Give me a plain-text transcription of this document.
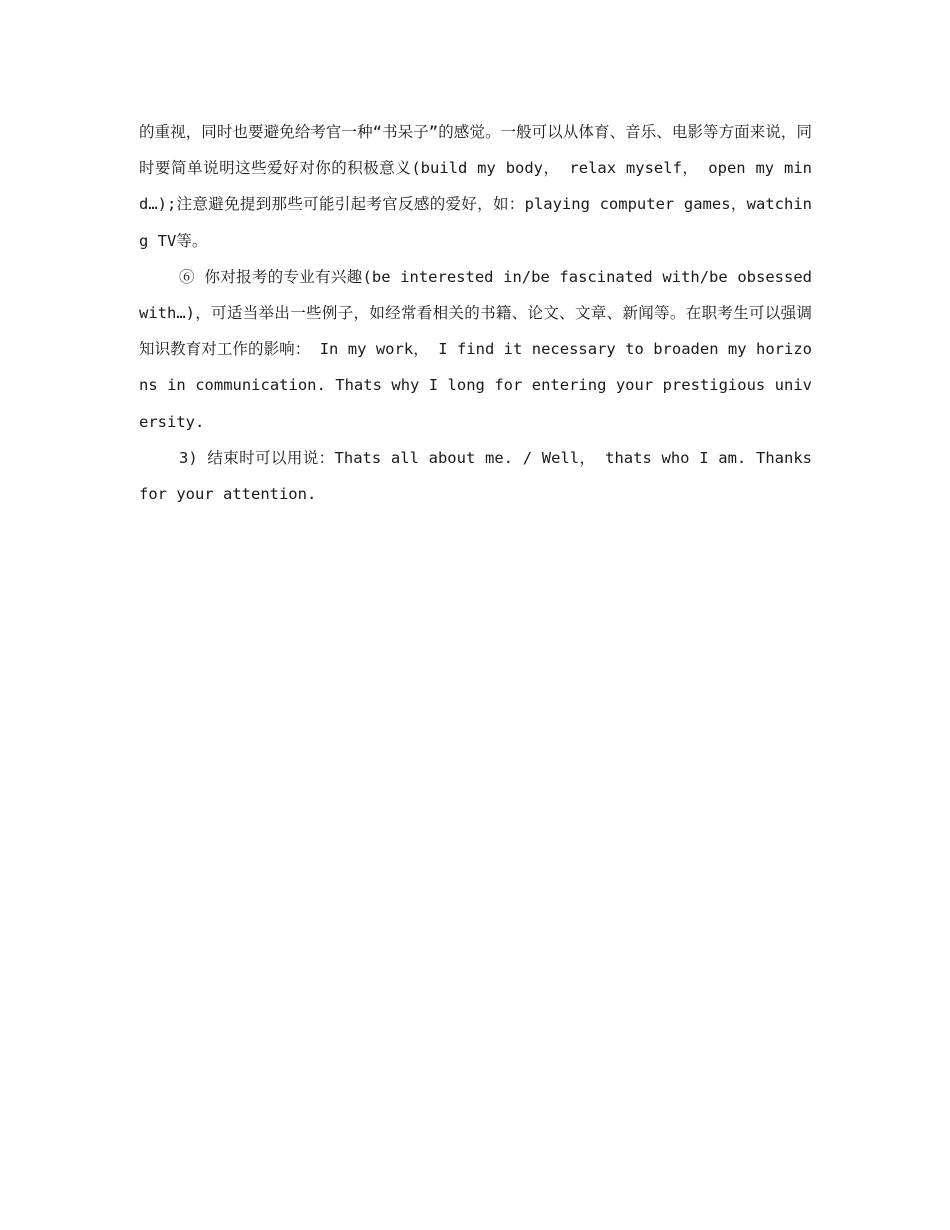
的重视，同时也要避免给考官一种“书呆子”的感觉。一般可以从体育、音乐、电影等方面来说，同时要简单说明这些爱好对你的积极意义(build my body， relax myself， open my mind…);注意避免提到那些可能引起考官反感的爱好，如：playing computer games，watching TV等。

⑥ 你对报考的专业有兴趣(be interested in/be fascinated with/be obsessed with…)，可适当举出一些例子，如经常看相关的书籍、论文、文章、新闻等。在职考生可以强调知识教育对工作的影响： In my work， I find it necessary to broaden my horizons in communication. Thats why I long for entering your prestigious university.

3) 结束时可以用说：Thats all about me. / Well， thats who I am. Thanks for your attention.
